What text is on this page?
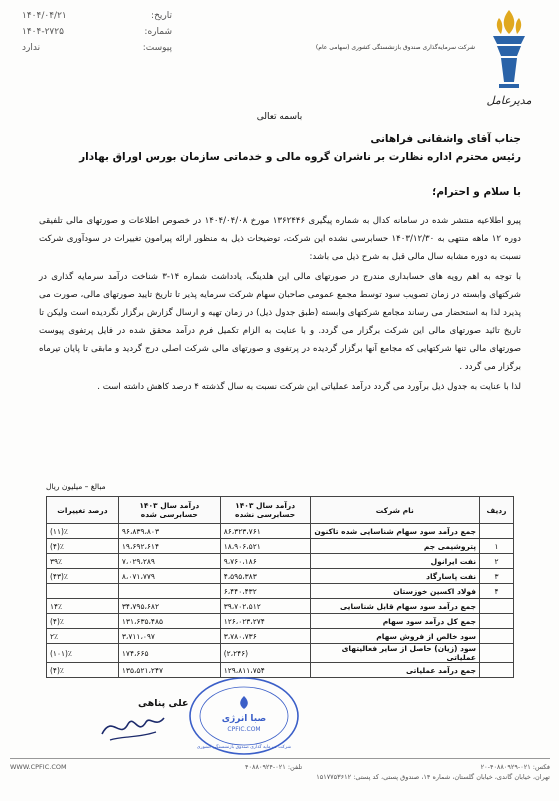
تاریخ:
۱۴۰۴/۰۴/۲۱
شماره:
۱۴۰۴-۲۷۲۵
پیوست:
ندارد
مدیرعامل
شرکت سرمایه‌گذاری صندوق بازنشستگی کشوری (سهامی عام)
باسمه تعالی
جناب آقای واشقانی فراهانی
رئیس محترم اداره نظارت بر ناشران گروه مالی و خدماتی سازمان بورس اوراق بهادار
با سلام و احترام؛

پیرو اطلاعیه منتشر شده در سامانه کدال به شماره پیگیری ۱۳۶۲۴۴۶ مورخ ۱۴۰۴/۰۴/۰۸ در خصوص اطلاعات و صورتهای مالی تلفیقی دوره ۱۲ ماهه منتهی به ۱۴۰۳/۱۲/۳۰ حسابرسی نشده این شرکت، توضیحات ذیل به منظور ارائه پیرامون تغییرات در سودآوری شرکت نسبت به دوره مشابه سال مالی قبل به شرح ذیل می باشد:

با توجه به اهم رویه های حسابداری مندرج در صورتهای مالی این هلدینگ، یادداشت شماره ۱۴-۳ شناخت درآمد سرمایه گذاری در شرکتهای وابسته در زمان تصویب سود توسط مجمع عمومی صاحبان سهام شرکت سرمایه پذیر تا تاریخ تایید صورتهای مالی، صورت می پذیرد لذا به استحضار می رساند مجامع شرکتهای وابسته (طبق جدول ذیل) در زمان تهیه و ارسال گزارش برگزار نگردیده است ولیکن تا تاریخ تائید صورتهای مالی این شرکت برگزار می گردد. و با عنایت به الزام تکمیل فرم درآمد محقق شده در فایل پرتفوی پیوست صورتهای مالی تنها شرکتهایی که مجامع آنها برگزار گردیده در پرتفوی و صورتهای مالی شرکت اصلی درج گردید و مابقی تا پایان تیرماه برگزار می گردد .

لذا با عنایت به جدول ذیل برآورد می گردد درآمد عملیاتی این شرکت نسبت به سال گذشته ۴ درصد کاهش داشته است .

مبالغ – میلیون ریال
ردیف	نام شرکت	درآمد سال ۱۴۰۳ حسابرسی نشده	درآمد سال ۱۴۰۳ حسابرسی شده	درصد تغییرات
	جمع درآمد سود سهام شناسایی شده تاکنون	۸۶،۳۲۳،۷۶۱	۹۶،۸۳۹،۸۰۳	(۱۱)٪
۱	پتروشیمی جم	۱۸،۹۰۶،۵۲۱	۱۹،۶۹۲،۶۱۴	(۴)٪
۲	نفت ایرانول	۹،۷۶۰،۱۸۶	۷،۰۲۹،۲۸۹	۳۹٪
۳	نفت پاسارگاد	۴،۵۹۵،۳۸۳	۸،۰۷۱،۷۷۹	(۴۳)٪
۴	فولاد اکسین خوزستان	۶،۴۴۰،۴۳۲		
	جمع درآمد سود سهام قابل شناسایی	۳۹،۷۰۲،۵۱۲	۳۴،۷۹۵،۶۸۲	۱۴٪
	جمع کل درآمد سود سهام	۱۲۶،۰۲۳،۲۷۴	۱۳۱،۶۳۵،۴۸۵	(۴)٪
	سود خالص از فروش سهام	۳،۷۸۰،۷۳۶	۳،۷۱۱،۰۹۷	۲٪
	سود (زیان) حاصل از سایر فعالیتهای عملیاتی	(۲،۲۴۶)	۱۷۴،۶۶۵	(۱۰۱)٪
	جمع درآمد عملیاتی	۱۲۹،۸۱۱،۷۵۴	۱۳۵،۵۲۱،۲۴۷	(۴)٪
علی پناهی
صبا انرژی
CPFIC.COM
شرکت سرمایه گذاری صندوق بازنشستگی کشوری
WWW.CPFIC.COM	تلفن: ۰۲۱-۴۰۸۸۰۹۲۴	فکس: ۰۲۱-۴۰۸۸۰۹۲۹-۲۰
تهران، خیابان گاندی، خیابان گلستان، شماره ۱۴، صندوق پستی، کد پستی: ۱۵۱۷۷۵۳۶۱۲
